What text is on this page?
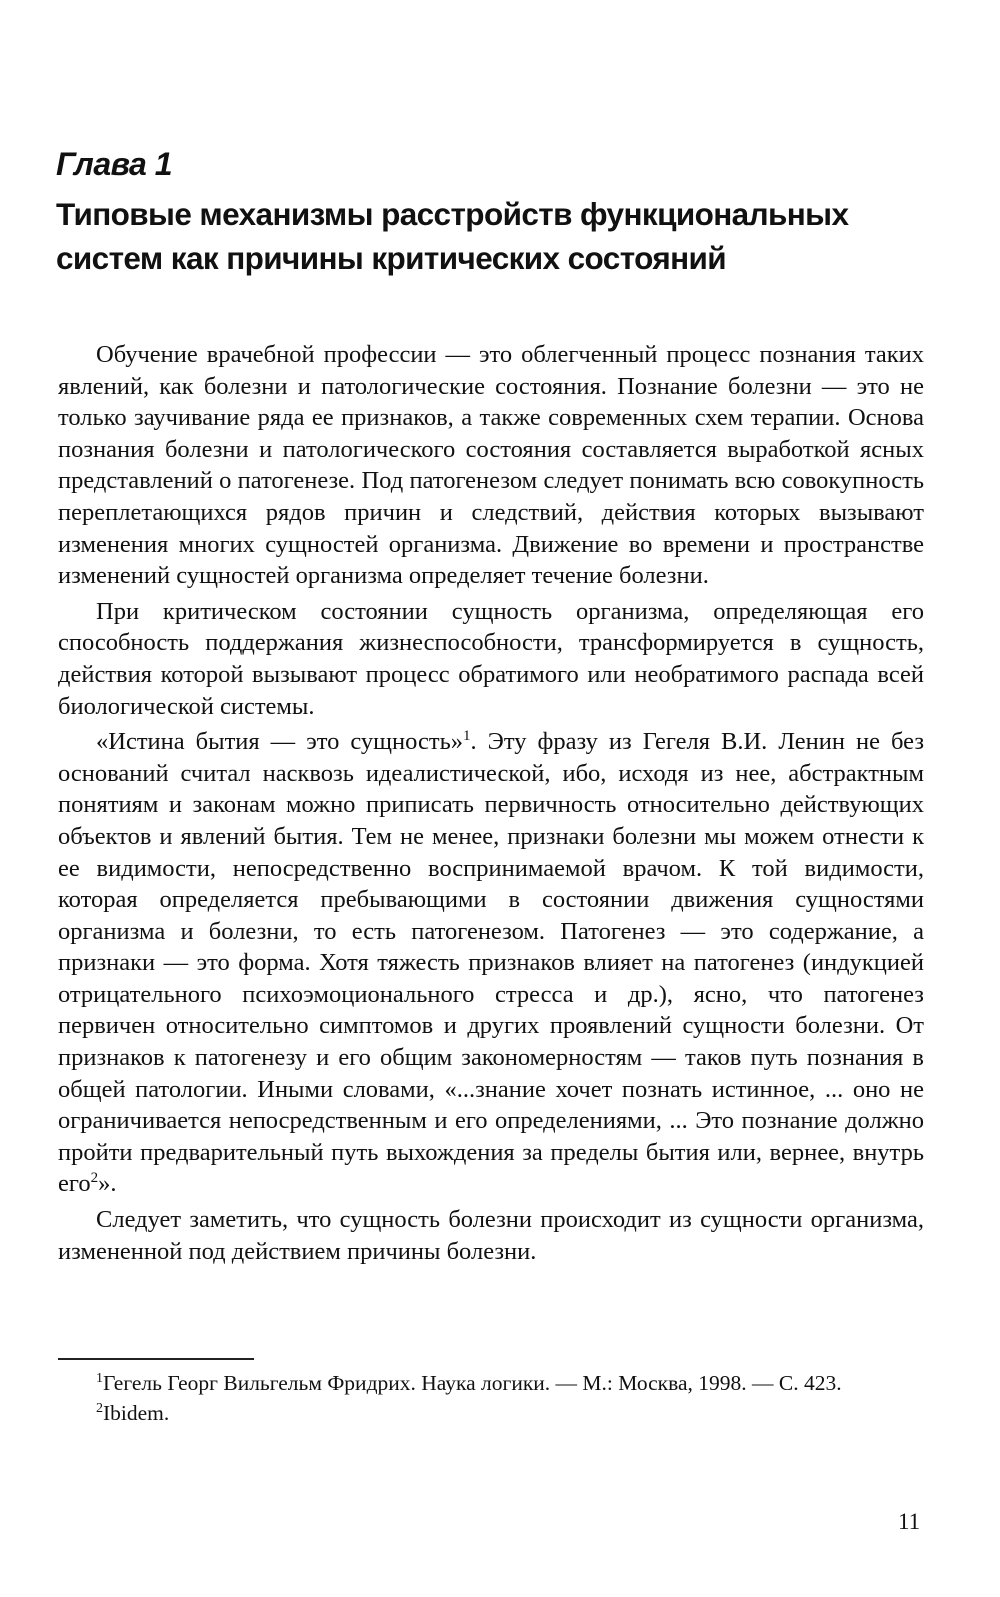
Глава 1
Типовые механизмы расстройств функциональных систем как причины критических состояний

Обучение врачебной профессии — это облегченный процесс познания таких явлений, как болезни и патологические состояния. Познание болезни — это не только заучивание ряда ее признаков, а также современных схем терапии. Основа познания болезни и патологического состояния составляется выработкой ясных представлений о патогенезе. Под патогенезом следует понимать всю совокупность переплетающихся рядов причин и следствий, действия которых вызывают изменения многих сущностей организма. Движение во времени и пространстве изменений сущностей организма определяет течение болезни.

При критическом состоянии сущность организма, определяющая его способность поддержания жизнеспособности, трансформируется в сущность, действия которой вызывают процесс обратимого или необратимого распада всей биологической системы.

«Истина бытия — это сущность»$^1$. Эту фразу из Гегеля В.И. Ленин не без оснований считал насквозь идеалистической, ибо, исходя из нее, абстрактным понятиям и законам можно приписать первичность относительно действующих объектов и явлений бытия. Тем не менее, признаки болезни мы можем отнести к ее видимости, непосредственно воспринимаемой врачом. К той видимости, которая определяется пребывающими в состоянии движения сущностями организма и болезни, то есть патогенезом. Патогенез — это содержание, а признаки — это форма. Хотя тяжесть признаков влияет на патогенез (индукцией отрицательного психоэмоционального стресса и др.), ясно, что патогенез первичен относительно симптомов и других проявлений сущности болезни. От признаков к патогенезу и его общим закономерностям — таков путь познания в общей патологии. Иными словами, «...знание хочет познать истинное, ... оно не ограничивается непосредственным и его определениями, ... Это познание должно пройти предварительный путь выхождения за пределы бытия или, вернее, внутрь его$^2$».

Следует заметить, что сущность болезни происходит из сущности организма, измененной под действием причины болезни.

$^1$Гегель Георг Вильгельм Фридрих. Наука логики. — М.: Москва, 1998. — С. 423.

$^2$Ibidem.

11
